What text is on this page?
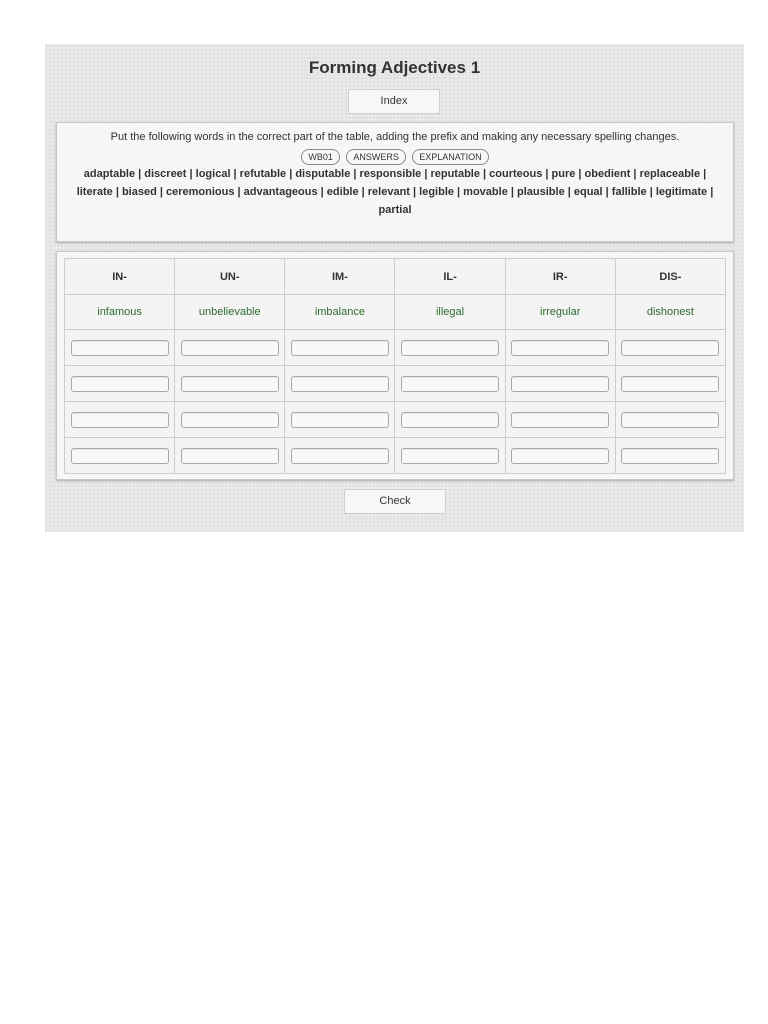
Forming Adjectives 1
Index
Put the following words in the correct part of the table, adding the prefix and making any necessary spelling changes.
WB01 ANSWERS EXPLANATION
adaptable | discreet | logical | refutable | disputable | responsible | reputable | courteous | pure | obedient | replaceable | literate | biased | ceremonious | advantageous | edible | relevant | legible | movable | plausible | equal | fallible | legitimate | partial
IN-	UN-	IM-	IL-	IR-	DIS-
infamous	unbelievable	imbalance	illegal	irregular	dishonest

Check
